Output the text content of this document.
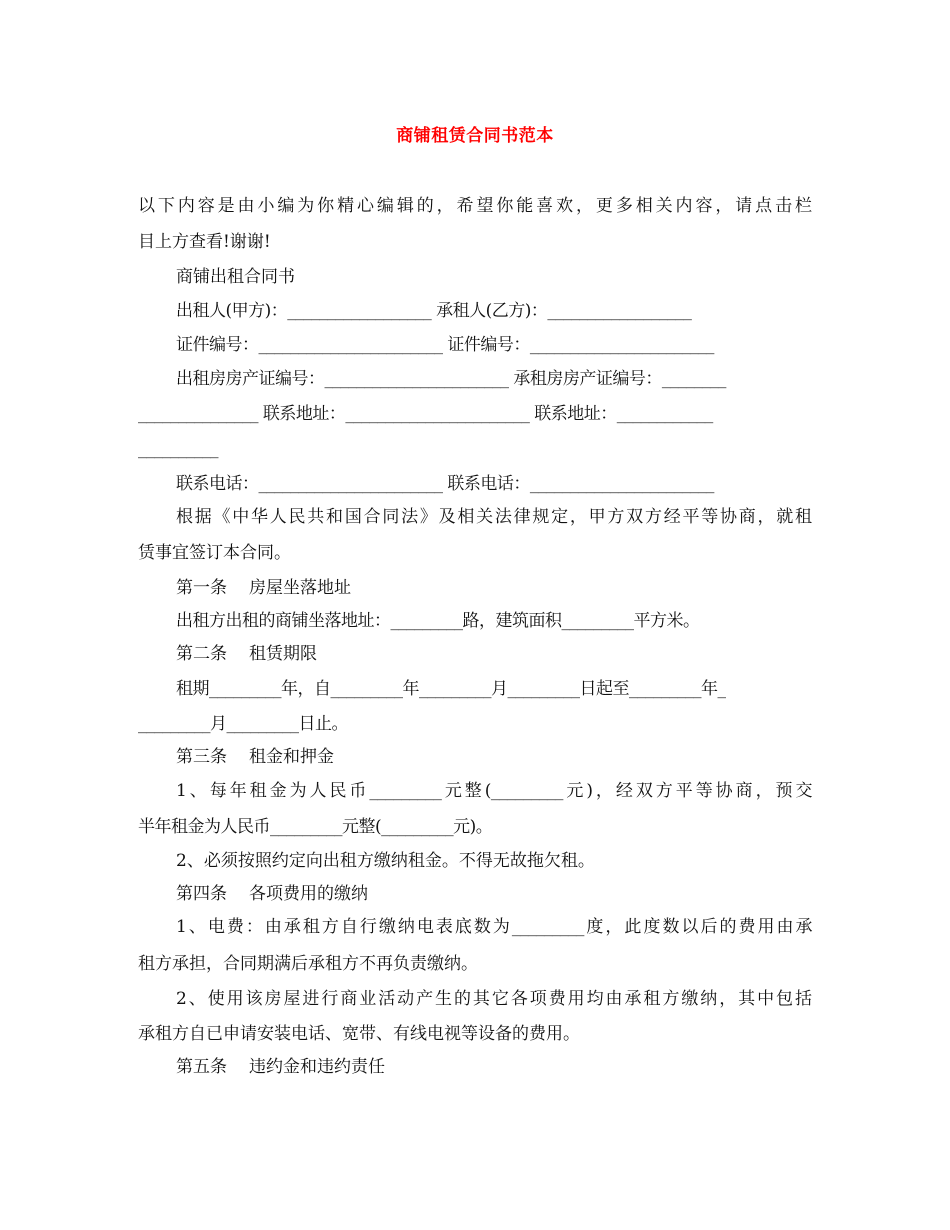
商铺租赁合同书范本
以下内容是由小编为你精心编辑的，希望你能喜欢，更多相关内容，请点击栏
目上方查看!谢谢!
商铺出租合同书
出租人(甲方)：__________________ 承租人(乙方)：__________________
证件编号：_______________________ 证件编号：_______________________
出租房房产证编号：_______________________ 承租房房产证编号：________
_______________ 联系地址：_______________________ 联系地址：____________
__________
联系电话：_______________________ 联系电话：_______________________
根据《中华人民共和国合同法》及相关法律规定，甲方双方经平等协商，就租
赁事宜签订本合同。
第一条 房屋坐落地址
出租方出租的商铺坐落地址：_________路，建筑面积_________平方米。
第二条 租赁期限
租期_________年，自_________年_________月_________日起至_________年_
_________月_________日止。
第三条 租金和押金
1、每年租金为人民币_________元整(_________元)，经双方平等协商，预交
半年租金为人民币_________元整(_________元)。
2、必须按照约定向出租方缴纳租金。不得无故拖欠租。
第四条 各项费用的缴纳
1、电费：由承租方自行缴纳电表底数为_________度，此度数以后的费用由承
租方承担，合同期满后承租方不再负责缴纳。
2、使用该房屋进行商业活动产生的其它各项费用均由承租方缴纳，其中包括
承租方自已申请安装电话、宽带、有线电视等设备的费用。
第五条 违约金和违约责任
